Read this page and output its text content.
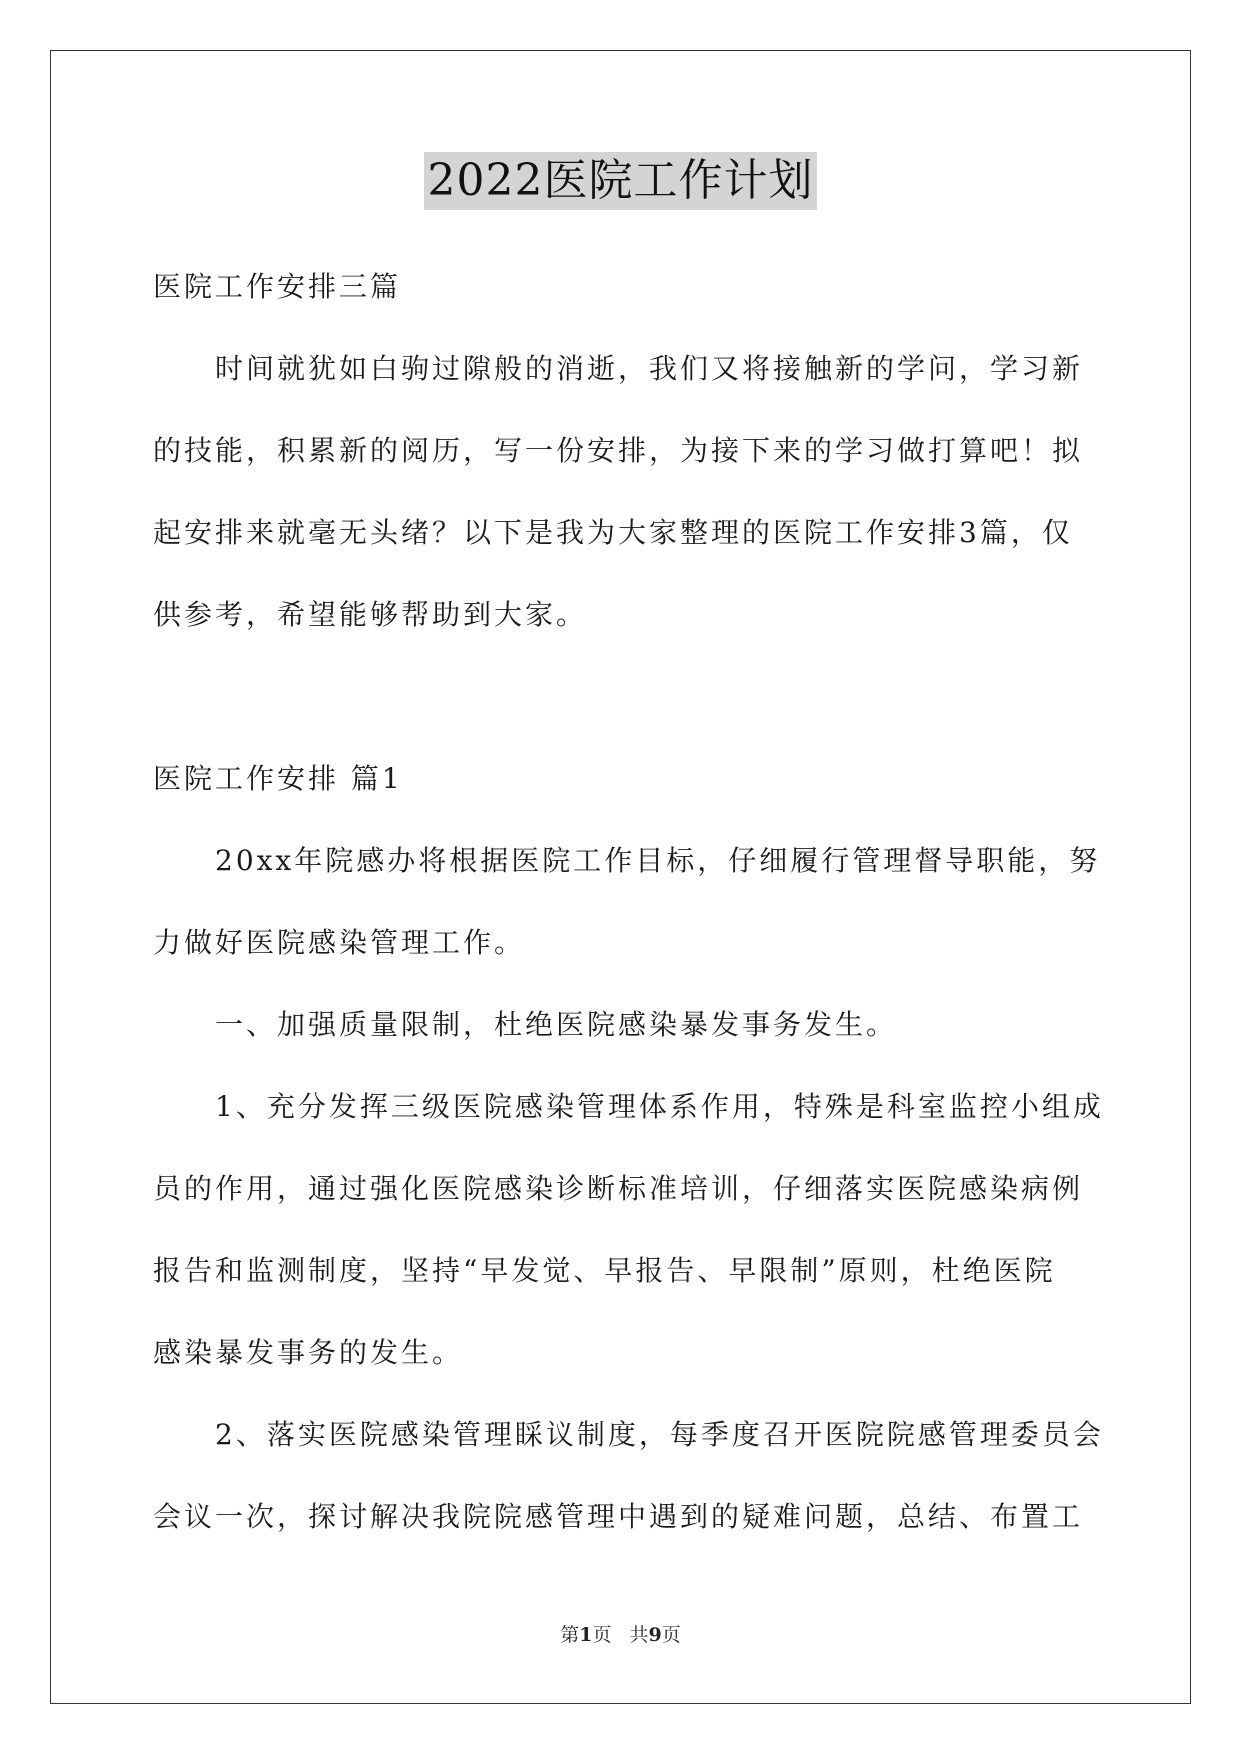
2022医院工作计划
医院工作安排三篇
时间就犹如白驹过隙般的消逝，我们又将接触新的学问，学习新
的技能，积累新的阅历，写一份安排，为接下来的学习做打算吧！拟
起安排来就毫无头绪？以下是我为大家整理的医院工作安排3篇，仅
供参考，希望能够帮助到大家。
医院工作安排 篇1
20xx年院感办将根据医院工作目标，仔细履行管理督导职能，努
力做好医院感染管理工作。
一、加强质量限制，杜绝医院感染暴发事务发生。
1、充分发挥三级医院感染管理体系作用，特殊是科室监控小组成
员的作用，通过强化医院感染诊断标准培训，仔细落实医院感染病例
报告和监测制度，坚持“早发觉、早报告、早限制”原则，杜绝医院
感染暴发事务的发生。
2、落实医院感染管理睬议制度，每季度召开医院院感管理委员会
会议一次，探讨解决我院院感管理中遇到的疑难问题，总结、布置工
第1页 共9页
